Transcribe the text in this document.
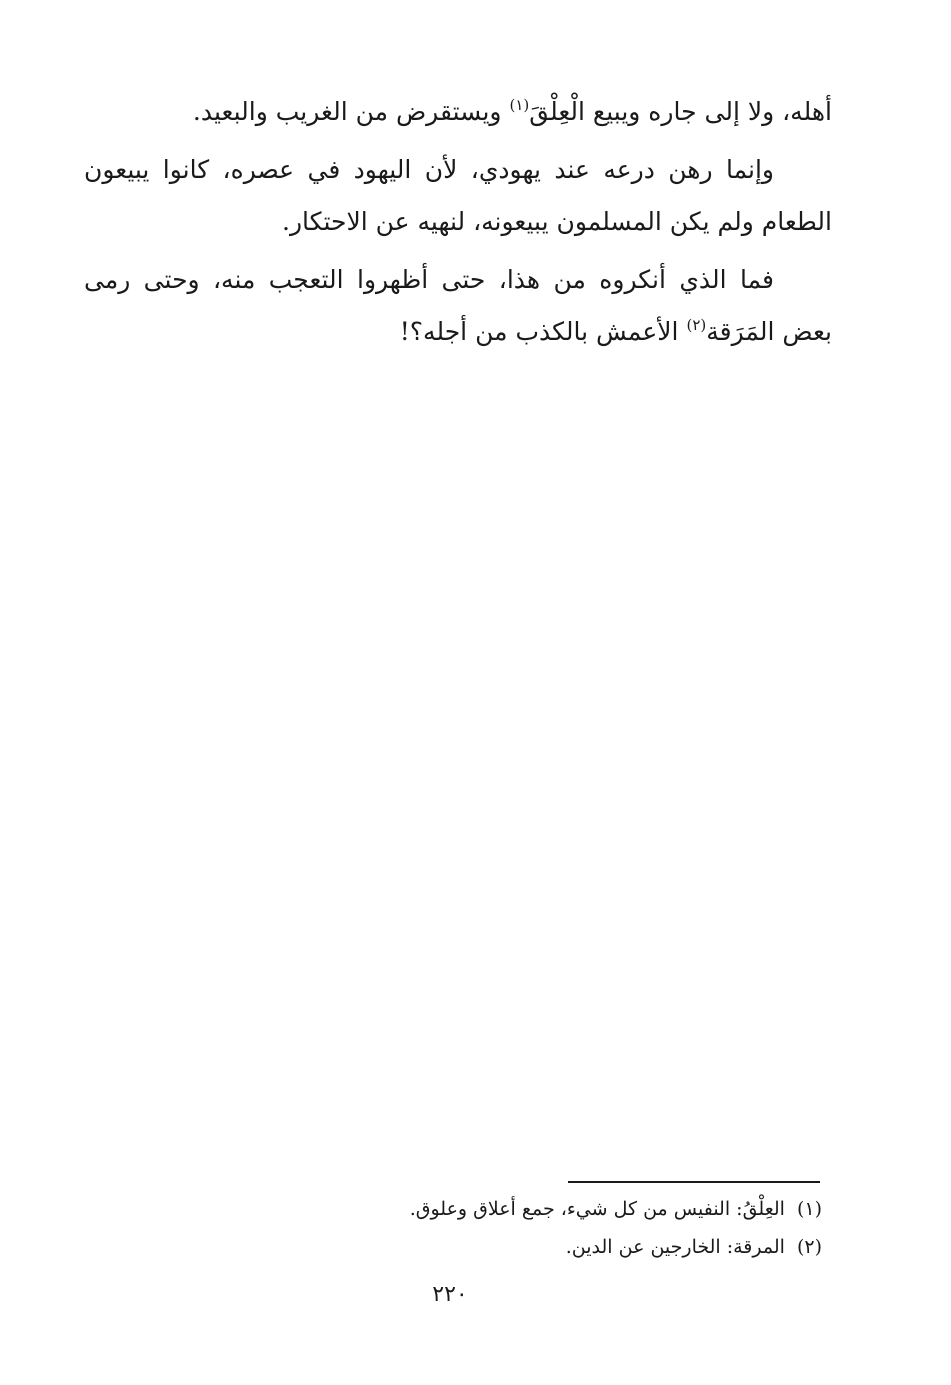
أهله، ولا إلى جاره ويبيع الْعِلْقَ$^{(١)}$ ويستقرض من الغريب والبعيد.

وإنما رهن درعه عند يهودي، لأن اليهود في عصره، كانوا يبيعون الطعام ولم يكن المسلمون يبيعونه، لنهيه عن الاحتكار.

فما الذي أنكروه من هذا، حتى أظهروا التعجب منه، وحتى رمى بعض المَرَقة$^{(٢)}$ الأعمش بالكذب من أجله؟!

(١)العِلْقُ: النفيس من كل شيء، جمع أعلاق وعلوق.

(٢)المرقة: الخارجين عن الدين.

٢٢٠
